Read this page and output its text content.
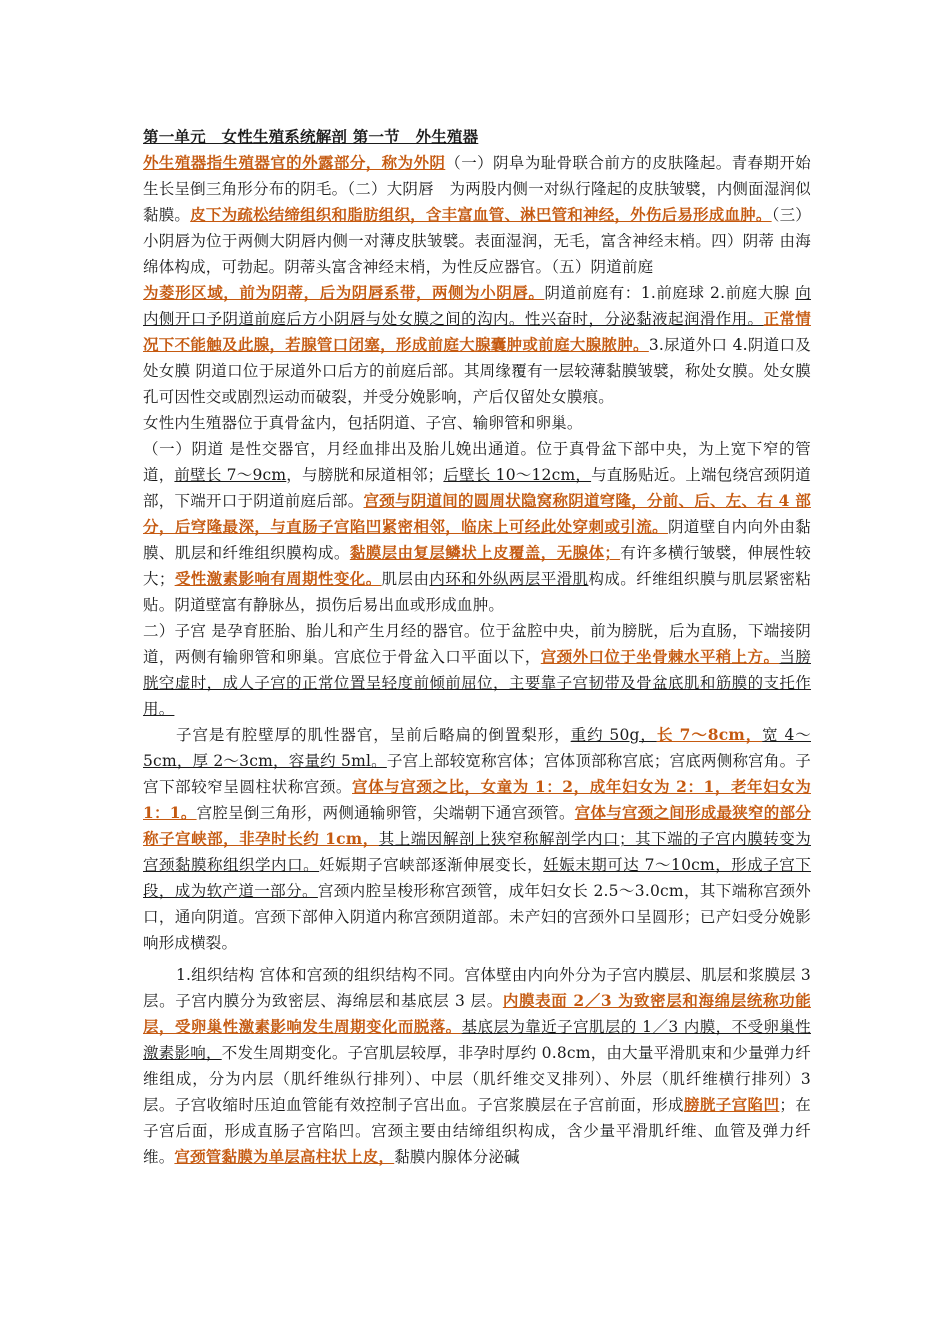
第一单元　女性生殖系统解剖 第一节　外生殖器

外生殖器指生殖器官的外露部分，称为外阴（一）阴阜为耻骨联合前方的皮肤隆起。青春期开始生长呈倒三角形分布的阴毛。（二）大阴唇　为两股内侧一对纵行隆起的皮肤皱襞，内侧面湿润似黏膜。皮下为疏松结缔组织和脂肪组织，含丰富血管、淋巴管和神经，外伤后易形成血肿。（三）小阴唇为位于两侧大阴唇内侧一对薄皮肤皱襞。表面湿润，无毛，富含神经末梢。四）阴蒂 由海绵体构成，可勃起。阴蒂头富含神经末梢，为性反应器官。（五）阴道前庭

为菱形区域，前为阴蒂，后为阴唇系带，两侧为小阴唇。阴道前庭有：1.前庭球 2.前庭大腺 向内侧开口予阴道前庭后方小阴唇与处女膜之间的沟内。性兴奋时，分泌黏液起润滑作用。正常情况下不能触及此腺，若腺管口闭塞，形成前庭大腺囊肿或前庭大腺脓肿。3.尿道外口 4.阴道口及处女膜 阴道口位于尿道外口后方的前庭后部。其周缘覆有一层较薄黏膜皱襞，称处女膜。处女膜孔可因性交或剧烈运动而破裂，并受分娩影响，产后仅留处女膜痕。

女性内生殖器位于真骨盆内，包括阴道、子宫、输卵管和卵巢。

（一）阴道 是性交器官，月经血排出及胎儿娩出通道。位于真骨盆下部中央，为上宽下窄的管道，前壁长 7～9cm，与膀胱和尿道相邻；后壁长 10～12cm，与直肠贴近。上端包绕宫颈阴道部，下端开口于阴道前庭后部。宫颈与阴道间的圆周状隐窝称阴道穹隆，分前、后、左、右 4 部分，后穹隆最深，与直肠子宫陷凹紧密相邻，临床上可经此处穿刺或引流。阴道壁自内向外由黏膜、肌层和纤维组织膜构成。黏膜层由复层鳞状上皮覆盖，无腺体；有许多横行皱襞，伸展性较大；受性激素影响有周期性变化。肌层由内环和外纵两层平滑肌构成。纤维组织膜与肌层紧密粘贴。阴道壁富有静脉丛，损伤后易出血或形成血肿。

二）子宫 是孕育胚胎、胎儿和产生月经的器官。位于盆腔中央，前为膀胱，后为直肠，下端接阴道，两侧有输卵管和卵巢。宫底位于骨盆入口平面以下，宫颈外口位于坐骨棘水平稍上方。当膀胱空虚时，成人子宫的正常位置呈轻度前倾前屈位，主要靠子宫韧带及骨盆底肌和筋膜的支托作用。

子宫是有腔壁厚的肌性器官，呈前后略扁的倒置梨形，重约 50g，长 7～8cm，宽 4～5cm，厚 2～3cm，容量约 5ml。子宫上部较宽称宫体；宫体顶部称宫底；宫底两侧称宫角。子宫下部较窄呈圆柱状称宫颈。宫体与宫颈之比，女童为 1：2，成年妇女为 2：1，老年妇女为 1：1。宫腔呈倒三角形，两侧通输卵管，尖端朝下通宫颈管。宫体与宫颈之间形成最狭窄的部分称子宫峡部，非孕时长约 1cm，其上端因解剖上狭窄称解剖学内口；其下端的子宫内膜转变为宫颈黏膜称组织学内口。妊娠期子宫峡部逐渐伸展变长，妊娠末期可达 7～10cm，形成子宫下段，成为软产道一部分。宫颈内腔呈梭形称宫颈管，成年妇女长 2.5～3.0cm，其下端称宫颈外口，通向阴道。宫颈下部伸入阴道内称宫颈阴道部。未产妇的宫颈外口呈圆形；已产妇受分娩影响形成横裂。

1.组织结构 宫体和宫颈的组织结构不同。宫体壁由内向外分为子宫内膜层、肌层和浆膜层 3 层。子宫内膜分为致密层、海绵层和基底层 3 层。内膜表面 2／3 为致密层和海绵层统称功能层，受卵巢性激素影响发生周期变化而脱落。基底层为靠近子宫肌层的 1／3 内膜，不受卵巢性激素影响，不发生周期变化。子宫肌层较厚，非孕时厚约 0.8cm，由大量平滑肌束和少量弹力纤维组成，分为内层（肌纤维纵行排列）、中层（肌纤维交叉排列）、外层（肌纤维横行排列）3 层。子宫收缩时压迫血管能有效控制子宫出血。子宫浆膜层在子宫前面，形成膀胱子宫陷凹；在子宫后面，形成直肠子宫陷凹。宫颈主要由结缔组织构成，含少量平滑肌纤维、血管及弹力纤维。宫颈管黏膜为单层高柱状上皮，黏膜内腺体分泌碱
